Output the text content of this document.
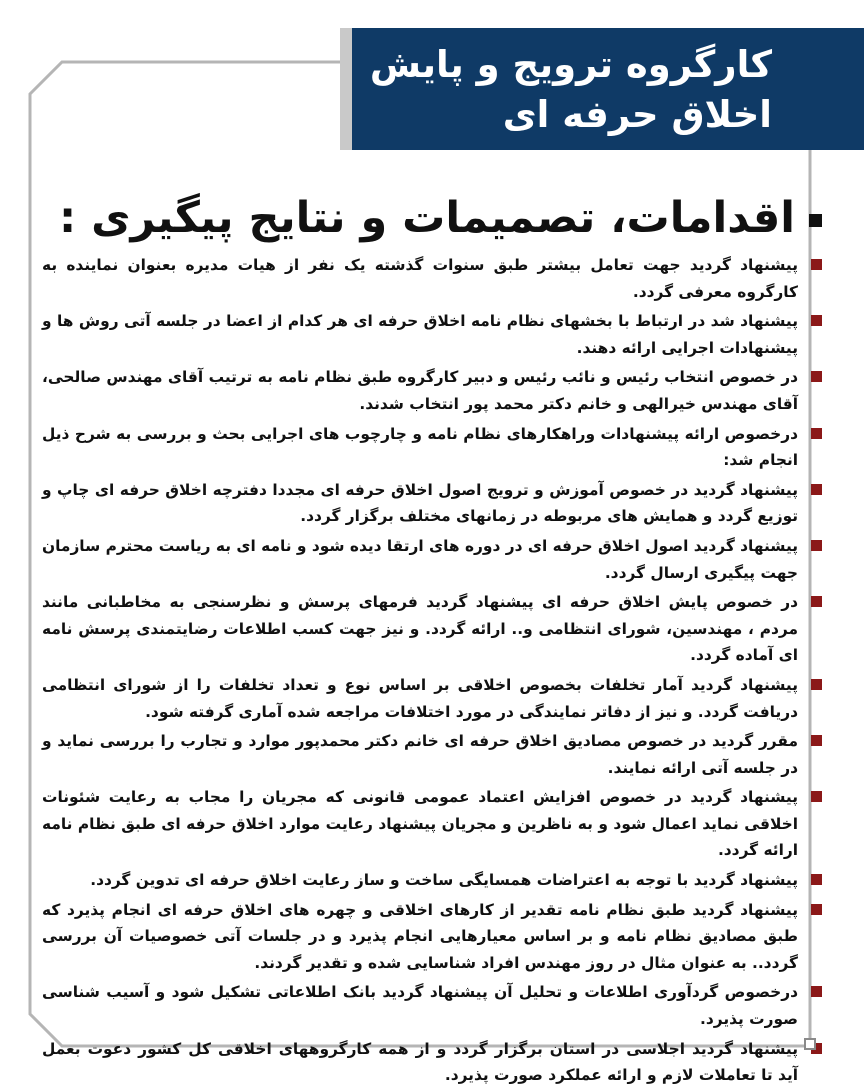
کارگروه ترویج و پایش
اخلاق حرفه ای
اقدامات، تصمیمات و نتایج پیگیری :
پیشنهاد گردید جهت تعامل بیشتر طبق سنوات گذشته یک نفر از هیات مدیره بعنوان نماینده به کارگروه معرفی گردد.
پیشنهاد شد در ارتباط با بخشهای نظام نامه اخلاق حرفه ای هر کدام از اعضا در جلسه آتی روش ها و پیشنهادات اجرایی ارائه دهند.
در خصوص انتخاب رئیس و نائب رئیس و دبیر کارگروه طبق نظام نامه به ترتیب آقای مهندس صالحی، آقای مهندس خیرالهی و خانم دکتر محمد پور انتخاب شدند.
درخصوص ارائه پیشنهادات وراهکارهای نظام نامه و چارچوب های اجرایی بحث و بررسی به شرح ذیل انجام شد:
پیشنهاد گردید در خصوص آموزش و ترویج اصول اخلاق حرفه ای مجددا دفترچه اخلاق حرفه ای چاپ و توزیع گردد و همایش های مربوطه در زمانهای مختلف برگزار گردد.
پیشنهاد گردید اصول اخلاق حرفه ای در دوره های ارتقا دیده شود و نامه ای به ریاست محترم سازمان جهت پیگیری ارسال گردد.
در خصوص پایش اخلاق حرفه ای پیشنهاد گردید فرمهای پرسش و نظرسنجی به مخاطبانی مانند مردم ، مهندسین، شورای انتظامی و.. ارائه گردد. و نیز جهت کسب اطلاعات رضایتمندی پرسش نامه ای آماده گردد.
پیشنهاد گردید آمار تخلفات بخصوص اخلاقی بر اساس نوع و تعداد تخلفات را از شورای انتظامی دریافت گردد. و نیز از دفاتر نمایندگی در مورد اختلافات مراجعه شده آماری گرفته شود.
مقرر گردید در خصوص مصادیق اخلاق حرفه ای خانم دکتر محمدپور موارد و تجارب را بررسی نماید و در جلسه آتی ارائه نمایند.
پیشنهاد گردید در خصوص افزایش اعتماد عمومی قانونی که مجریان را مجاب به رعایت شئونات اخلاقی نماید اعمال شود و به ناظرین و مجریان پیشنهاد رعایت موارد اخلاق حرفه ای طبق نظام نامه ارائه گردد.
پیشنهاد گردید با توجه به اعتراضات همسایگی ساخت و ساز رعایت اخلاق حرفه ای تدوین گردد.
پیشنهاد گردید طبق نظام نامه تقدیر از کارهای اخلاقی و چهره های اخلاق حرفه ای انجام پذیرد که طبق مصادیق نظام نامه و بر اساس معیارهایی انجام پذیرد و در جلسات آتی خصوصیات آن بررسی گردد.. به عنوان مثال در روز مهندس افراد شناسایی شده و تقدیر گردند.
درخصوص گردآوری اطلاعات و تحلیل آن پیشنهاد گردید بانک اطلاعاتی تشکیل شود و آسیب شناسی صورت پذیرد.
پیشنهاد گردید اجلاسی در استان برگزار گردد و از همه کارگروههای اخلاقی کل کشور دعوت بعمل آید تا تعاملات لازم و ارائه عملکرد صورت پذیرد.
